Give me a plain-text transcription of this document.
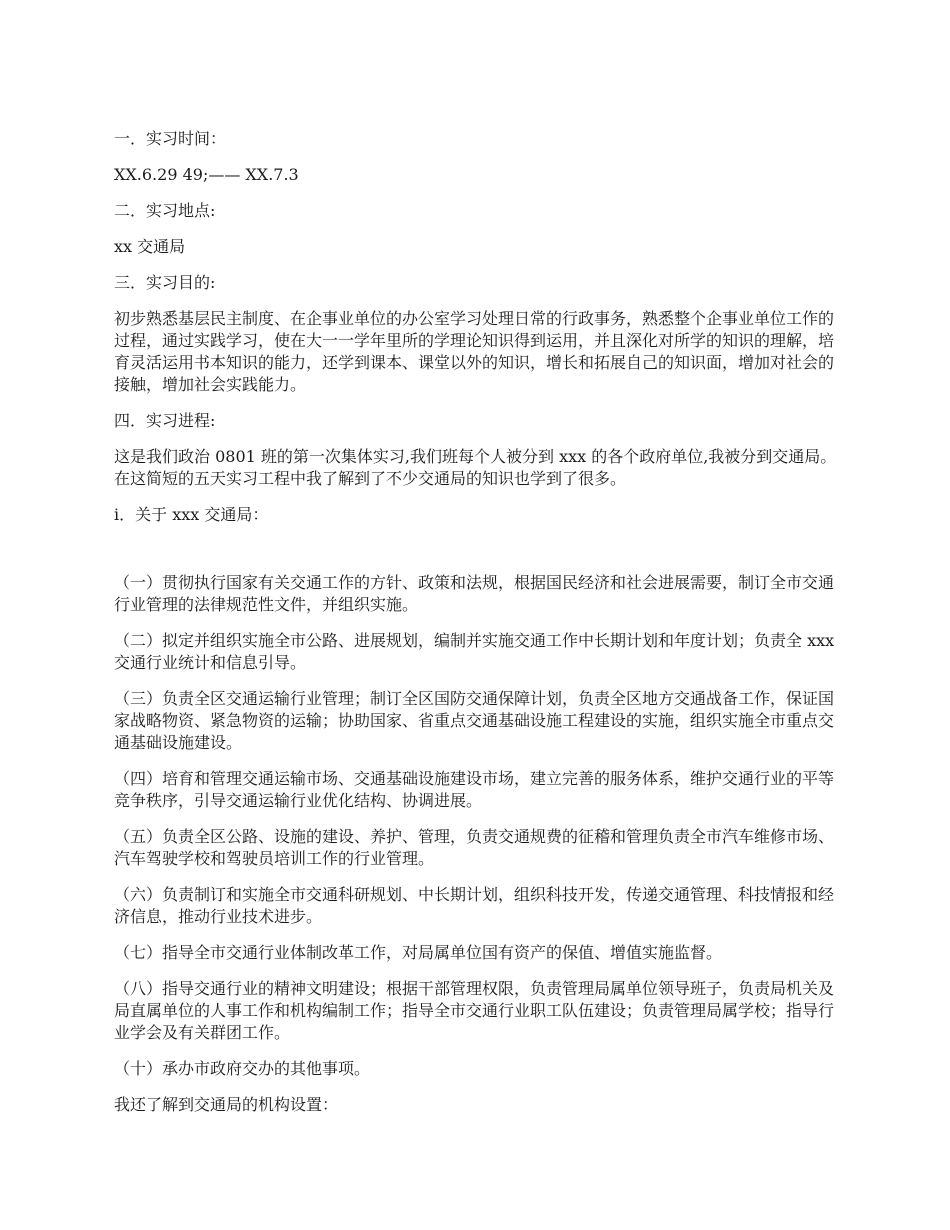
一．实习时间：

XX.6.29 49;—— XX.7.3

二．实习地点:

xx 交通局

三．实习目的:

初步熟悉基层民主制度、在企事业单位的办公室学习处理日常的行政事务，熟悉整个企事业单位工作的过程，通过实践学习，使在大一一学年里所的学理论知识得到运用，并且深化对所学的知识的理解，培育灵活运用书本知识的能力，还学到课本、课堂以外的知识，增长和拓展自己的知识面，增加对社会的接触，增加社会实践能力。

四．实习进程:

这是我们政治 0801 班的第一次集体实习,我们班每个人被分到 xxx 的各个政府单位,我被分到交通局。在这简短的五天实习工程中我了解到了不少交通局的知识也学到了很多。

i．关于 xxx 交通局：

（一）贯彻执行国家有关交通工作的方针、政策和法规，根据国民经济和社会进展需要，制订全市交通行业管理的法律规范性文件，并组织实施。

（二）拟定并组织实施全市公路、进展规划，编制并实施交通工作中长期计划和年度计划；负责全 xxx 交通行业统计和信息引导。

（三）负责全区交通运输行业管理；制订全区国防交通保障计划，负责全区地方交通战备工作，保证国家战略物资、紧急物资的运输；协助国家、省重点交通基础设施工程建设的实施，组织实施全市重点交通基础设施建设。

（四）培育和管理交通运输市场、交通基础设施建设市场，建立完善的服务体系，维护交通行业的平等竞争秩序，引导交通运输行业优化结构、协调进展。

（五）负责全区公路、设施的建设、养护、管理，负责交通规费的征稽和管理负责全市汽车维修市场、汽车驾驶学校和驾驶员培训工作的行业管理。

（六）负责制订和实施全市交通科研规划、中长期计划，组织科技开发，传递交通管理、科技情报和经济信息，推动行业技术进步。

（七）指导全市交通行业体制改革工作，对局属单位国有资产的保值、增值实施监督。

（八）指导交通行业的精神文明建设；根据干部管理权限，负责管理局属单位领导班子，负责局机关及局直属单位的人事工作和机构编制工作；指导全市交通行业职工队伍建设；负责管理局属学校；指导行业学会及有关群团工作。

（十）承办市政府交办的其他事项。

我还了解到交通局的机构设置：
